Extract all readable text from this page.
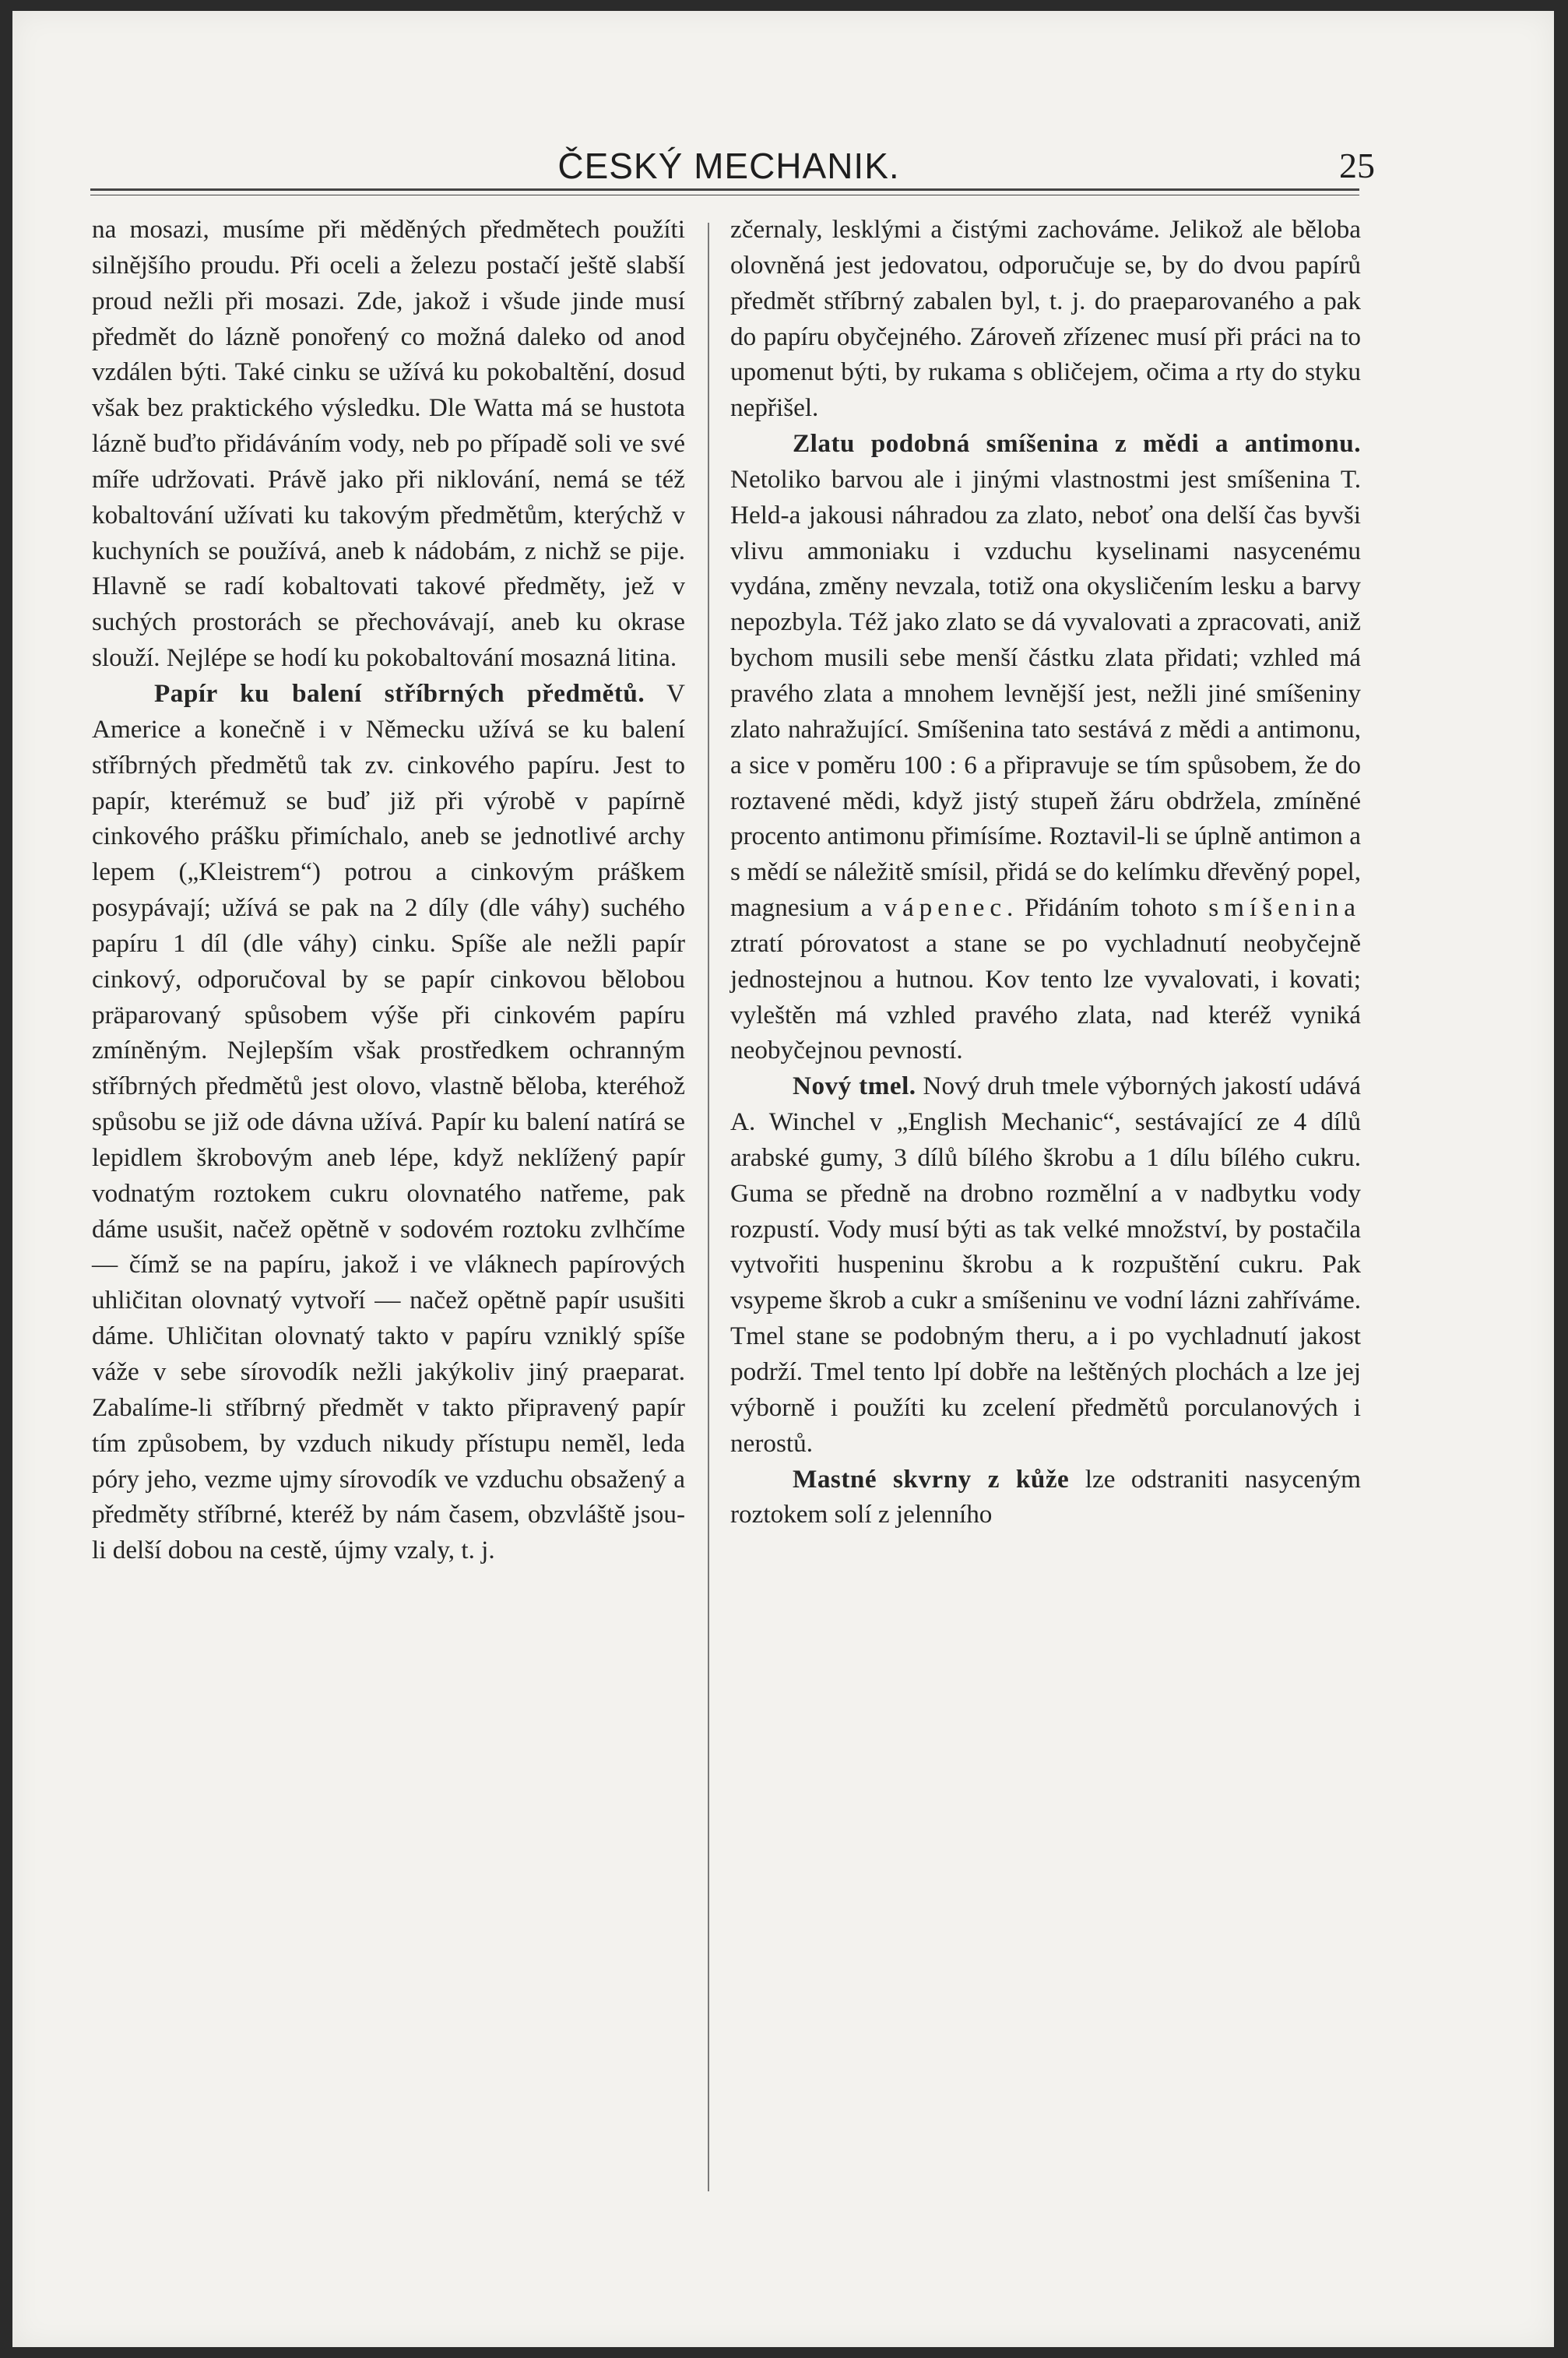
ČESKÝ MECHANIK.	25

na mosazi, musíme při měděných předmětech použíti silnějšího proudu. Při oceli a železu postačí ještě slabší proud nežli při mosazi. Zde, jakož i všude jinde musí předmět do lázně ponořený co možná daleko od anod vzdálen býti. Také cinku se užívá ku pokobaltění, dosud však bez praktického výsledku. Dle Watta má se hustota lázně buďto přidáváním vody, neb po případě soli ve své míře udržovati. Právě jako při niklování, nemá se též kobaltování užívati ku takovým předmětům, kterýchž v kuchyních se používá, aneb k nádobám, z nichž se pije. Hlavně se radí kobaltovati takové předměty, jež v suchých prostorách se přechovávají, aneb ku okrase slouží. Nejlépe se hodí ku pokobaltování mosazná litina.

Papír ku balení stříbrných předmětů. V Americe a konečně i v Německu užívá se ku balení stříbrných předmětů tak zv. cinkového papíru. Jest to papír, kterémuž se buď již při výrobě v papírně cinkového prášku přimíchalo, aneb se jednotlivé archy lepem („Kleistrem“) potrou a cinkovým práškem posypávají; užívá se pak na 2 díly (dle váhy) suchého papíru 1 díl (dle váhy) cinku. Spíše ale nežli papír cinkový, odporučoval by se papír cinkovou bělobou präparovaný spůsobem výše při cinkovém papíru zmíněným. Nejlepším však prostředkem ochranným stříbrných předmětů jest olovo, vlastně běloba, kteréhož spůsobu se již ode dávna užívá. Papír ku balení natírá se lepidlem škrobovým aneb lépe, když neklížený papír vodnatým roztokem cukru olovnatého natřeme, pak dáme usušit, načež opětně v sodovém roztoku zvlhčíme — čímž se na papíru, jakož i ve vláknech papírových uhličitan olovnatý vytvoří — načež opětně papír usušiti dáme. Uhličitan olovnatý takto v papíru vzniklý spíše váže v sebe sírovodík nežli jakýkoliv jiný praeparat. Zabalíme-li stříbrný předmět v takto připravený papír tím způsobem, by vzduch nikudy přístupu neměl, leda póry jeho, vezme ujmy sírovodík ve vzduchu obsažený a předměty stříbrné, kteréž by nám časem, obzvláště jsou-li delší dobou na cestě, újmy vzaly, t. j.

zčernaly, lesklými a čistými zachováme. Jelikož ale běloba olovněná jest jedovatou, odporučuje se, by do dvou papírů předmět stříbrný zabalen byl, t. j. do praeparovaného a pak do papíru obyčejného. Zároveň zřízenec musí při práci na to upomenut býti, by rukama s obličejem, očima a rty do styku nepřišel.

Zlatu podobná smíšenina z mědi a antimonu. Netoliko barvou ale i jinými vlastnostmi jest smíšenina T. Held-a jakousi náhradou za zlato, neboť ona delší čas byvši vlivu ammoniaku i vzduchu kyselinami nasycenému vydána, změny nevzala, totiž ona okysličením lesku a barvy nepozbyla. Též jako zlato se dá vyvalovati a zpracovati, aniž bychom musili sebe menší částku zlata přidati; vzhled má pravého zlata a mnohem levnější jest, nežli jiné smíšeniny zlato nahražující. Smíšenina tato sestává z mědi a antimonu, a sice v poměru 100 : 6 a připravuje se tím spůsobem, že do roztavené mědi, když jistý stupeň žáru obdržela, zmíněné procento antimonu přimísíme. Roztavil-li se úplně antimon a s mědí se náležitě smísil, přidá se do kelímku dřevěný popel, magnesium a vápenec. Přidáním tohoto smíšenina ztratí pórovatost a stane se po vychladnutí neobyčejně jednostejnou a hutnou. Kov tento lze vyvalovati, i kovati; vyleštěn má vzhled pravého zlata, nad kteréž vyniká neobyčejnou pevností.

Nový tmel. Nový druh tmele výborných jakostí udává A. Winchel v „English Mechanic“, sestávající ze 4 dílů arabské gumy, 3 dílů bílého škrobu a 1 dílu bílého cukru. Guma se předně na drobno rozmělní a v nadbytku vody rozpustí. Vody musí býti as tak velké množství, by postačila vytvořiti huspeninu škrobu a k rozpuštění cukru. Pak vsypeme škrob a cukr a smíšeninu ve vodní lázni zahříváme. Tmel stane se podobným theru, a i po vychladnutí jakost podrží. Tmel tento lpí dobře na leštěných plochách a lze jej výborně i použíti ku zcelení předmětů porculanových i nerostů.

Mastné skvrny z kůže lze odstraniti nasyceným roztokem solí z jelenního
